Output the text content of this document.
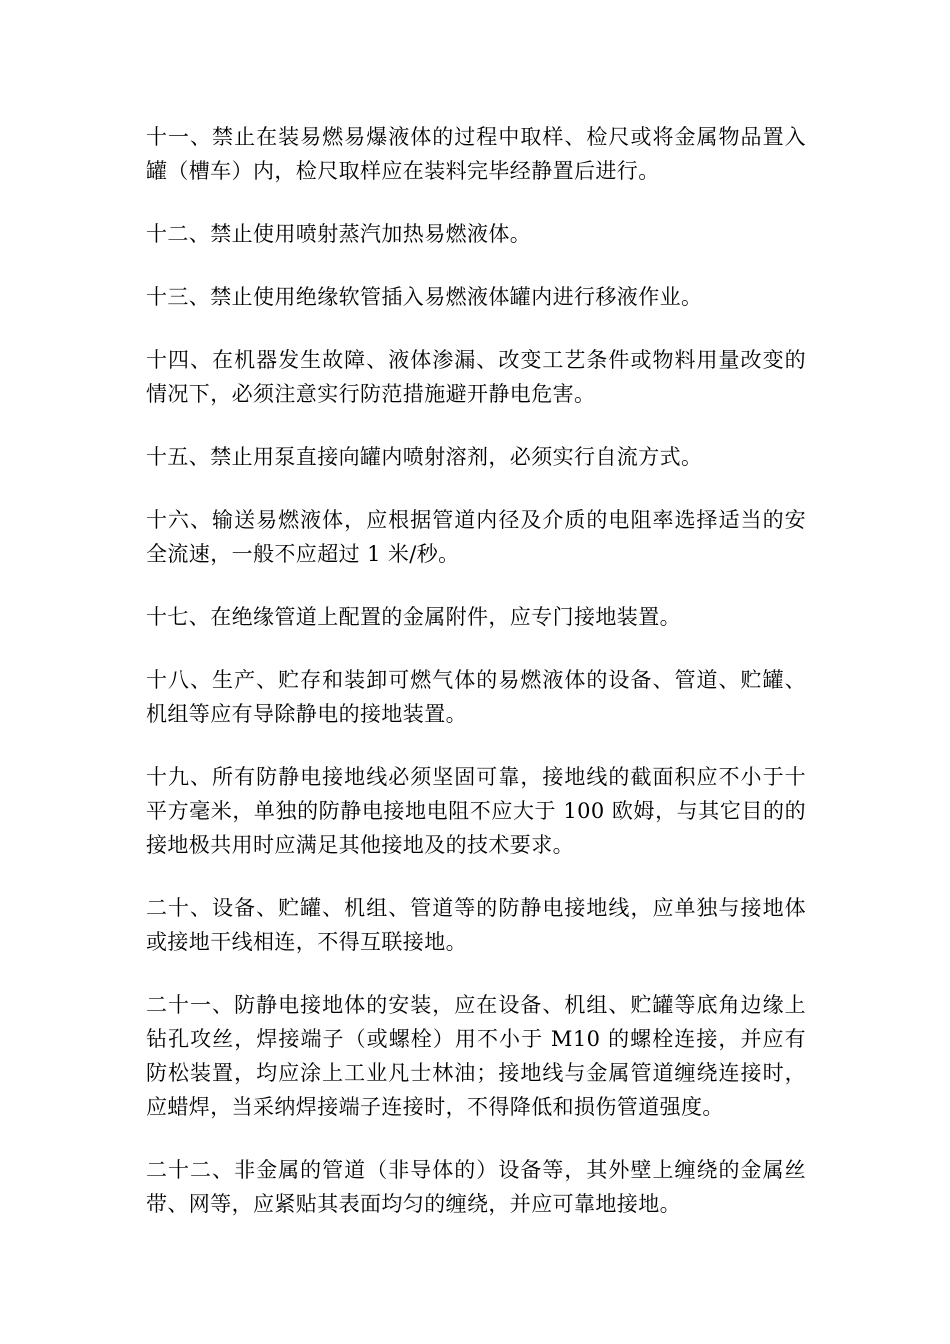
十一、禁止在装易燃易爆液体的过程中取样、检尺或将金属物品置入罐（槽车）内，检尺取样应在装料完毕经静置后进行。

十二、禁止使用喷射蒸汽加热易燃液体。

十三、禁止使用绝缘软管插入易燃液体罐内进行移液作业。

十四、在机器发生故障、液体渗漏、改变工艺条件或物料用量改变的情况下，必须注意实行防范措施避开静电危害。

十五、禁止用泵直接向罐内喷射溶剂，必须实行自流方式。

十六、输送易燃液体，应根据管道内径及介质的电阻率选择适当的安全流速，一般不应超过 1 米/秒。

十七、在绝缘管道上配置的金属附件，应专门接地装置。

十八、生产、贮存和装卸可燃气体的易燃液体的设备、管道、贮罐、机组等应有导除静电的接地装置。

十九、所有防静电接地线必须坚固可靠，接地线的截面积应不小于十平方毫米，单独的防静电接地电阻不应大于 100 欧姆，与其它目的的接地极共用时应满足其他接地及的技术要求。

二十、设备、贮罐、机组、管道等的防静电接地线，应单独与接地体或接地干线相连，不得互联接地。

二十一、防静电接地体的安装，应在设备、机组、贮罐等底角边缘上钻孔攻丝，焊接端子（或螺栓）用不小于 M10 的螺栓连接，并应有防松装置，均应涂上工业凡士林油；接地线与金属管道缠绕连接时，应蜡焊，当采纳焊接端子连接时，不得降低和损伤管道强度。

二十二、非金属的管道（非导体的）设备等，其外壁上缠绕的金属丝带、网等，应紧贴其表面均匀的缠绕，并应可靠地接地。
